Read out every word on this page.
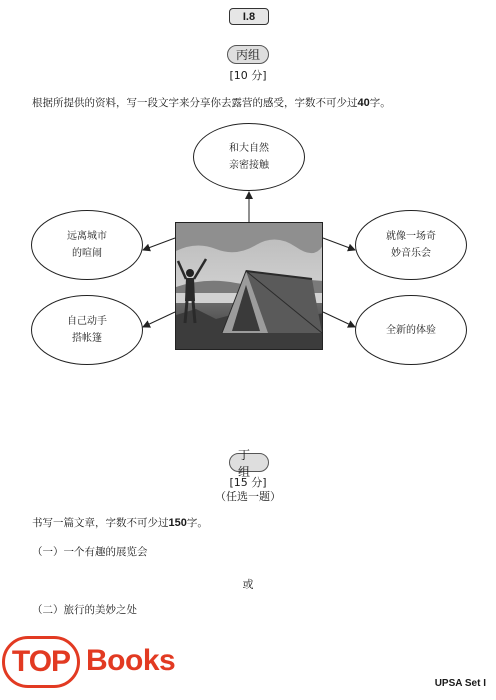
I.8
丙组
[10 分]
根据所提供的资料，写一段文字来分享你去露营的感受，字数不可少过40字。
和大自然
亲密接触
远离城市
的喧闹
自己动手
搭帐篷
就像一场奇
妙音乐会
全新的体验
丁组
[15 分]
（任选一题）
书写一篇文章，字数不可少过150字。
（一）一个有趣的展览会
或
（二）旅行的美妙之处
TOP Books
UPSA Set I
